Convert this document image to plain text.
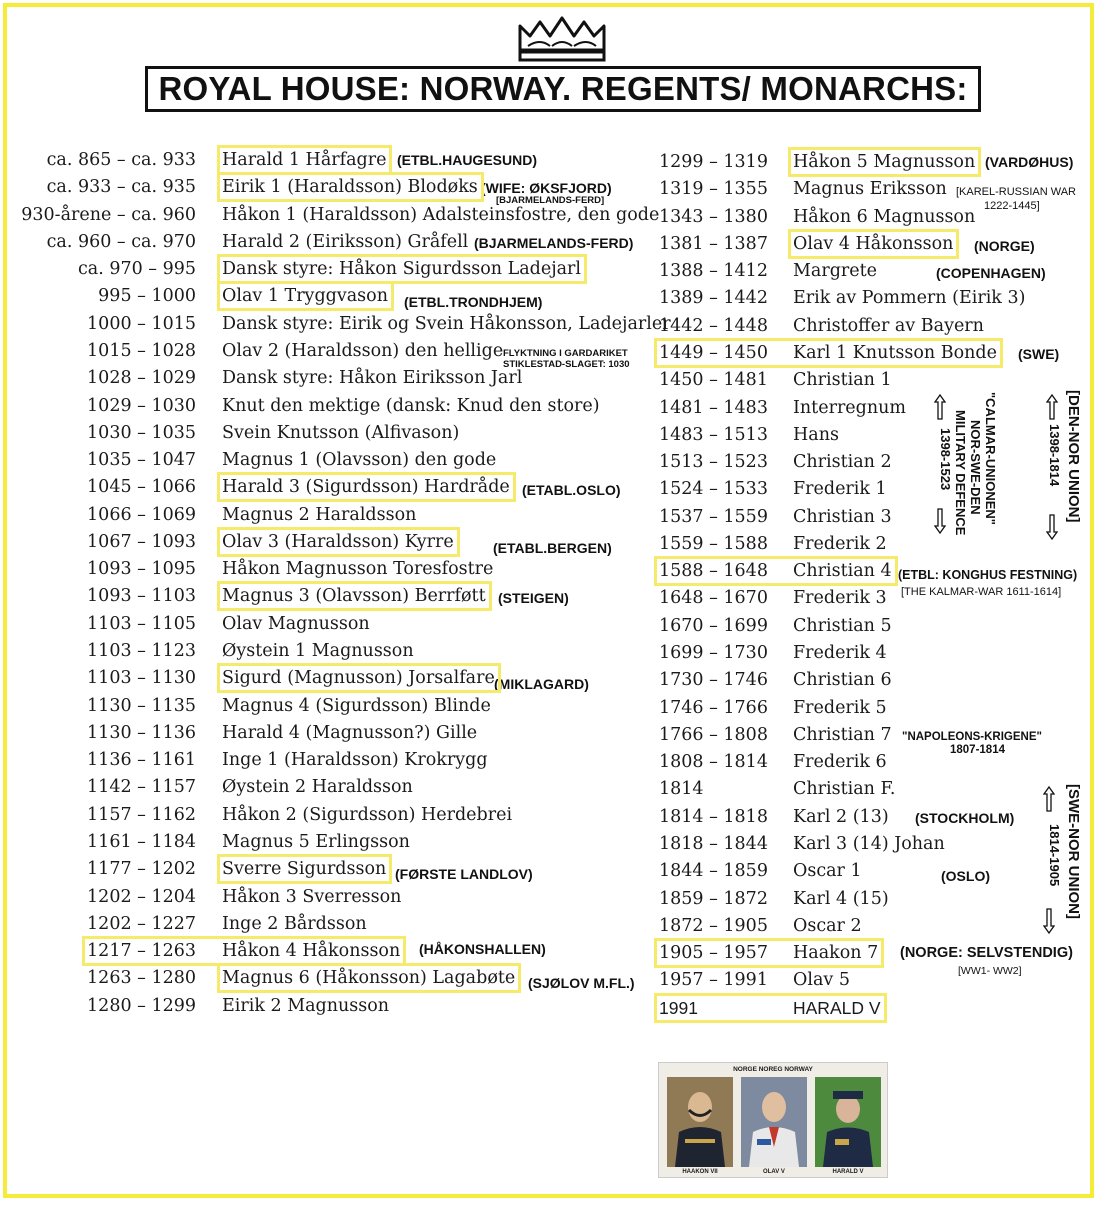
ROYAL HOUSE: NORWAY. REGENTS/ MONARCHS:
(ETBL.HAUGESUND)
(WIFE: ØKSFJORD)
[BJARMELANDS-FERD]
(BJARMELANDS-FERD)
(ETBL.TRONDHJEM)
FLYKTNING I GARDARIKET
STIKLESTAD-SLAGET: 1030
(ETABL.OSLO)
(ETABL.BERGEN)
(STEIGEN)
(MIKLAGARD)
(FØRSTE LANDLOV)
(HÅKONSHALLEN)
(SJØLOV M.FL.)
(VARDØHUS)
[KAREL-RUSSIAN WAR
1222-1445]
(NORGE)
(COPENHAGEN)
(SWE)
(ETBL: KONGHUS FESTNING)
[THE KALMAR-WAR 1611-1614]
"NAPOLEONS-KRIGENE"
1807-1814
(STOCKHOLM)
(OSLO)
(NORGE: SELVSTENDIG)
[WW1- WW2]
"CALMAR-UNIONEN"
NOR-SWE-DEN
MILITARY DEFENCE
1398-1523	[DEN-NOR UNION]
1398-1814
[SWE-NOR UNION]
1814-1905
NORGE NOREG NORWAY
HAAKON VII	OLAV V	HARALD V
ca. 865 – ca. 933 Harald 1 Hårfagre
ca. 933 – ca. 935 Eirik 1 (Haraldsson) Blodøks
930-årene – ca. 960 Håkon 1 (Haraldsson) Adalsteinsfostre, den gode
ca. 960 – ca. 970 Harald 2 (Eiriksson) Gråfell
ca. 970 – 995 Dansk styre: Håkon Sigurdsson Ladejarl
995 – 1000 Olav 1 Tryggvason
1000 – 1015 Dansk styre: Eirik og Svein Håkonsson, Ladejarler
1015 – 1028 Olav 2 (Haraldsson) den hellige
1028 – 1029 Dansk styre: Håkon Eiriksson Jarl
1029 – 1030 Knut den mektige (dansk: Knud den store)
1030 – 1035 Svein Knutsson (Alfivason)
1035 – 1047 Magnus 1 (Olavsson) den gode
1045 – 1066 Harald 3 (Sigurdsson) Hardråde
1066 – 1069 Magnus 2 Haraldsson
1067 – 1093 Olav 3 (Haraldsson) Kyrre
1093 – 1095 Håkon Magnusson Toresfostre
1093 – 1103 Magnus 3 (Olavsson) Berrføtt
1103 – 1105 Olav Magnusson
1103 – 1123 Øystein 1 Magnusson
1103 – 1130 Sigurd (Magnusson) Jorsalfare
1130 – 1135 Magnus 4 (Sigurdsson) Blinde
1130 – 1136 Harald 4 (Magnusson?) Gille
1136 – 1161 Inge 1 (Haraldsson) Krokrygg
1142 – 1157 Øystein 2 Haraldsson
1157 – 1162 Håkon 2 (Sigurdsson) Herdebrei
1161 – 1184 Magnus 5 Erlingsson
1177 – 1202 Sverre Sigurdsson
1202 – 1204 Håkon 3 Sverresson
1202 – 1227 Inge 2 Bårdsson
1217 – 1263 Håkon 4 Håkonsson
1263 – 1280 Magnus 6 (Håkonsson) Lagabøte
1280 – 1299 Eirik 2 Magnusson
1299 – 1319 Håkon 5 Magnusson
1319 – 1355 Magnus Eriksson
1343 – 1380 Håkon 6 Magnusson
1381 – 1387 Olav 4 Håkonsson
1388 – 1412 Margrete
1389 – 1442 Erik av Pommern (Eirik 3)
1442 – 1448 Christoffer av Bayern
1449 – 1450 Karl 1 Knutsson Bonde
1450 – 1481 Christian 1
1481 – 1483 Interregnum
1483 – 1513 Hans
1513 – 1523 Christian 2
1524 – 1533 Frederik 1
1537 – 1559 Christian 3
1559 – 1588 Frederik 2
1588 – 1648 Christian 4
1648 – 1670 Frederik 3
1670 – 1699 Christian 5
1699 – 1730 Frederik 4
1730 – 1746 Christian 6
1746 – 1766 Frederik 5
1766 – 1808 Christian 7
1808 – 1814 Frederik 6
1814	Christian F.
1814 – 1818 Karl 2 (13)
1818 – 1844 Karl 3 (14) Johan
1844 – 1859 Oscar 1
1859 – 1872 Karl 4 (15)
1872 – 1905 Oscar 2
1905 – 1957 Haakon 7
1957 – 1991 Olav 5
1991	HARALD V
